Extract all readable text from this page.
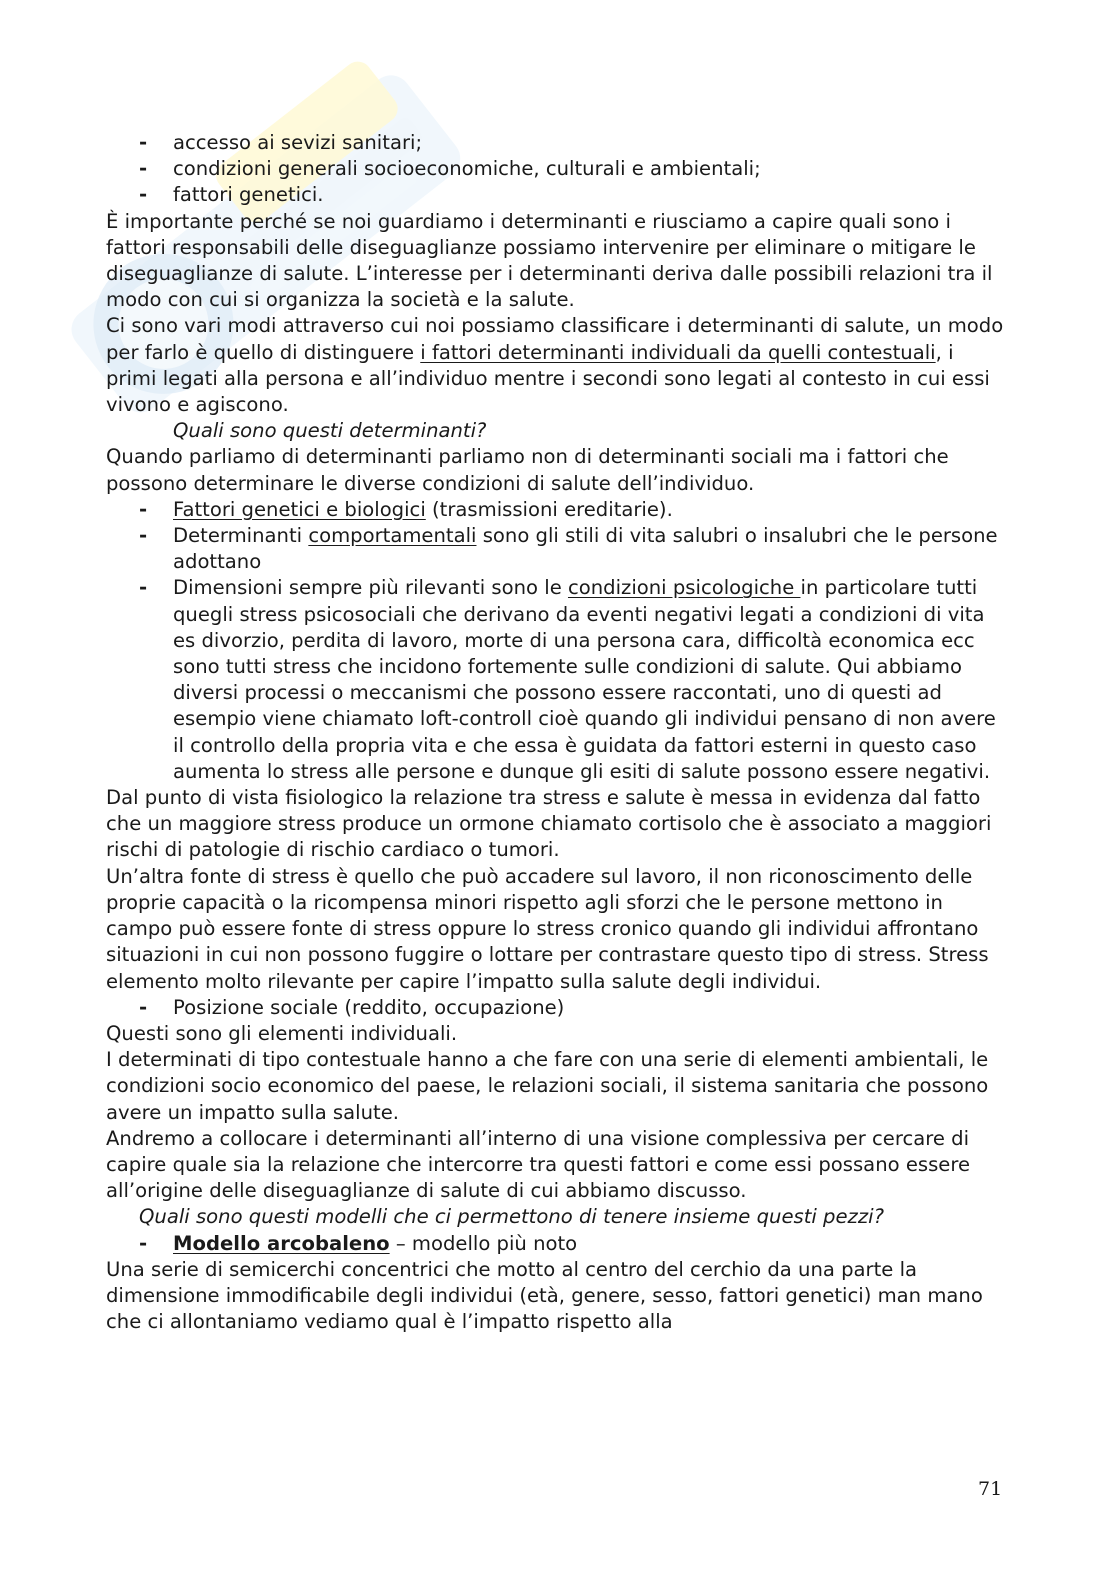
- accesso ai sevizi sanitari;

- condizioni generali socioeconomiche, culturali e ambientali;

- fattori genetici.

È importante perché se noi guardiamo i determinanti e riusciamo a capire quali sono i fattori responsabili delle diseguaglianze possiamo intervenire per eliminare o mitigare le diseguaglianze di salute. L’interesse per i determinanti deriva dalle possibili relazioni tra il modo con cui si organizza la società e la salute.

Ci sono vari modi attraverso cui noi possiamo classificare i determinanti di salute, un modo per farlo è quello di distinguere i fattori determinanti individuali da quelli contestuali, i primi legati alla persona e all’individuo mentre i secondi sono legati al contesto in cui essi vivono e agiscono.

Quali sono questi determinanti?

Quando parliamo di determinanti parliamo non di determinanti sociali ma i fattori che possono determinare le diverse condizioni di salute dell’individuo.

- Fattori genetici e biologici (trasmissioni ereditarie).

- Determinanti comportamentali sono gli stili di vita salubri o insalubri che le persone adottano

- Dimensioni sempre più rilevanti sono le condizioni psicologiche in particolare tutti quegli stress psicosociali che derivano da eventi negativi legati a condizioni di vita es divorzio, perdita di lavoro, morte di una persona cara, difficoltà economica ecc sono tutti stress che incidono fortemente sulle condizioni di salute. Qui abbiamo diversi processi o meccanismi che possono essere raccontati, uno di questi ad esempio viene chiamato loft-controll cioè quando gli individui pensano di non avere il controllo della propria vita e che essa è guidata da fattori esterni in questo caso aumenta lo stress alle persone e dunque gli esiti di salute possono essere negativi.

Dal punto di vista fisiologico la relazione tra stress e salute è messa in evidenza dal fatto che un maggiore stress produce un ormone chiamato cortisolo che è associato a maggiori rischi di patologie di rischio cardiaco o tumori.

Un’altra fonte di stress è quello che può accadere sul lavoro, il non riconoscimento delle proprie capacità o la ricompensa minori rispetto agli sforzi che le persone mettono in campo può essere fonte di stress oppure lo stress cronico quando gli individui affrontano situazioni in cui non possono fuggire o lottare per contrastare questo tipo di stress. Stress elemento molto rilevante per capire l’impatto sulla salute degli individui.

- Posizione sociale (reddito, occupazione)

Questi sono gli elementi individuali.

I determinati di tipo contestuale hanno a che fare con una serie di elementi ambientali, le condizioni socio economico del paese, le relazioni sociali, il sistema sanitaria che possono avere un impatto sulla salute.

Andremo a collocare i determinanti all’interno di una visione complessiva per cercare di capire quale sia la relazione che intercorre tra questi fattori e come essi possano essere all’origine delle diseguaglianze di salute di cui abbiamo discusso.

Quali sono questi modelli che ci permettono di tenere insieme questi pezzi?

- Modello arcobaleno – modello più noto

Una serie di semicerchi concentrici che motto al centro del cerchio da una parte la dimensione immodificabile degli individui (età, genere, sesso, fattori genetici) man mano che ci allontaniamo vediamo qual è l’impatto rispetto alla

71
